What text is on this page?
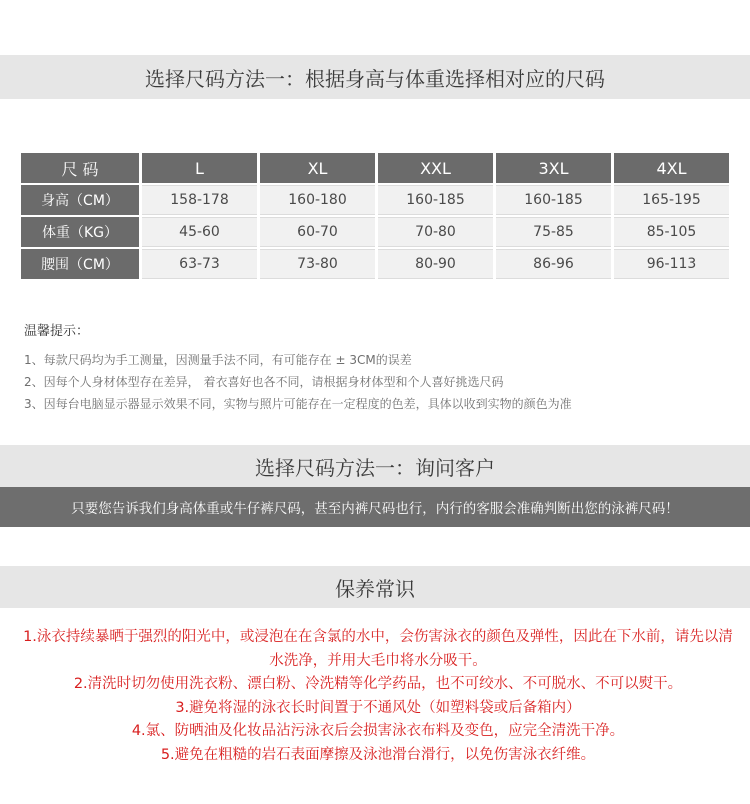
选择尺码方法一：根据身高与体重选择相对应的尺码
尺 码	L	XL	XXL	3XL	4XL
身高（CM）	158-178	160-180	160-185	160-185	165-195
体重（KG）	45-60	60-70	70-80	75-85	85-105
腰围（CM）	63-73	73-80	80-90	86-96	96-113
温馨提示：
1、每款尺码均为手工测量，因测量手法不同，有可能存在 ± 3CM的误差
2、因每个人身材体型存在差异， 着衣喜好也各不同，请根据身材体型和个人喜好挑选尺码
3、因每台电脑显示器显示效果不同，实物与照片可能存在一定程度的色差，具体以收到实物的颜色为准
选择尺码方法一：询问客户
只要您告诉我们身高体重或牛仔裤尺码，甚至内裤尺码也行，内行的客服会准确判断出您的泳裤尺码！
保养常识
1.泳衣持续暴晒于强烈的阳光中，或浸泡在在含氯的水中，会伤害泳衣的颜色及弹性，因此在下水前，请先以清水洗净，并用大毛巾将水分吸干。
2.清洗时切勿使用洗衣粉、漂白粉、冷洗精等化学药品，也不可绞水、不可脱水、不可以熨干。
3.避免将湿的泳衣长时间置于不通风处（如塑料袋或后备箱内）
4.氯、防晒油及化妆品沾污泳衣后会损害泳衣布料及变色，应完全清洗干净。
5.避免在粗糙的岩石表面摩擦及泳池滑台滑行，以免伤害泳衣纤维。
